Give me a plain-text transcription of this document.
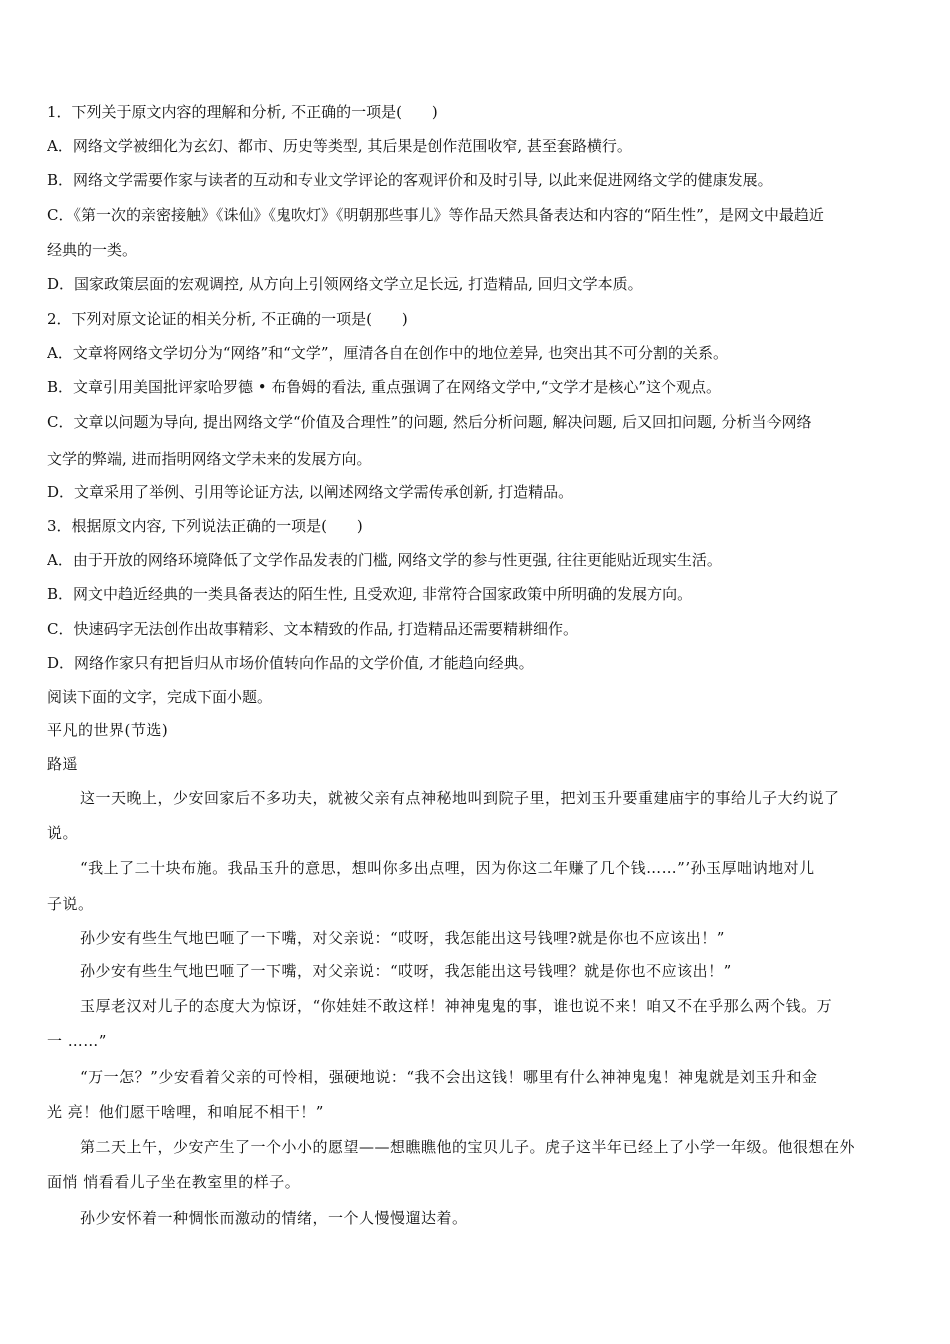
1．下列关于原文内容的理解和分析, 不正确的一项是(　　)
A．网络文学被细化为玄幻、都市、历史等类型, 其后果是创作范围收窄, 甚至套路横行。
B．网络文学需要作家与读者的互动和专业文学评论的客观评价和及时引导, 以此来促进网络文学的健康发展。
C．《第一次的亲密接触》《诛仙》《鬼吹灯》《明朝那些事儿》等作品天然具备表达和内容的“陌生性”，是网文中最趋近
经典的一类。
D．国家政策层面的宏观调控, 从方向上引领网络文学立足长远, 打造精品, 回归文学本质。
2．下列对原文论证的相关分析, 不正确的一项是(　　)
A．文章将网络文学切分为“网络”和“文学”，厘清各自在创作中的地位差异, 也突出其不可分割的关系。
B．文章引用美国批评家哈罗德 • 布鲁姆的看法, 重点强调了在网络文学中,“文学才是核心”这个观点。
C．文章以问题为导向, 提出网络文学“价值及合理性”的问题, 然后分析问题, 解决问题, 后又回扣问题, 分析当今网络
文学的弊端, 进而指明网络文学未来的发展方向。
D．文章采用了举例、引用等论证方法, 以阐述网络文学需传承创新, 打造精品。
3．根据原文内容, 下列说法正确的一项是(　　)
A．由于开放的网络环境降低了文学作品发表的门槛, 网络文学的参与性更强, 往往更能贴近现实生活。
B．网文中趋近经典的一类具备表达的陌生性, 且受欢迎, 非常符合国家政策中所明确的发展方向。
C．快速码字无法创作出故事精彩、文本精致的作品, 打造精品还需要精耕细作。
D．网络作家只有把旨归从市场价值转向作品的文学价值, 才能趋向经典。
阅读下面的文字，完成下面小题。
平凡的世界(节选)
路遥
这一天晚上，少安回家后不多功夫，就被父亲有点神秘地叫到院子里，把刘玉升要重建庙宇的事给儿子大约说了
说。
“我上了二十块布施。我品玉升的意思，想叫你多出点哩，因为你这二年赚了几个钱……”’孙玉厚咄讷地对儿
子说。
孙少安有些生气地巴咂了一下嘴，对父亲说：“哎呀，我怎能出这号钱哩?就是你也不应该出！”
孙少安有些生气地巴咂了一下嘴，对父亲说：“哎呀，我怎能出这号钱哩？就是你也不应该出！”
玉厚老汉对儿子的态度大为惊讶，“你娃娃不敢这样！神神鬼鬼的事，谁也说不来！咱又不在乎那么两个钱。万
一 ……”
“万一怎？”少安看着父亲的可怜相，强硬地说：“我不会出这钱！哪里有什么神神鬼鬼！神鬼就是刘玉升和金
光 亮！他们愿干啥哩，和咱屁不相干！”
第二天上午，少安产生了一个小小的愿望——想瞧瞧他的宝贝儿子。虎子这半年已经上了小学一年级。他很想在外
面悄 悄看看儿子坐在教室里的样子。
孙少安怀着一种惆怅而激动的情绪，一个人慢慢遛达着。
